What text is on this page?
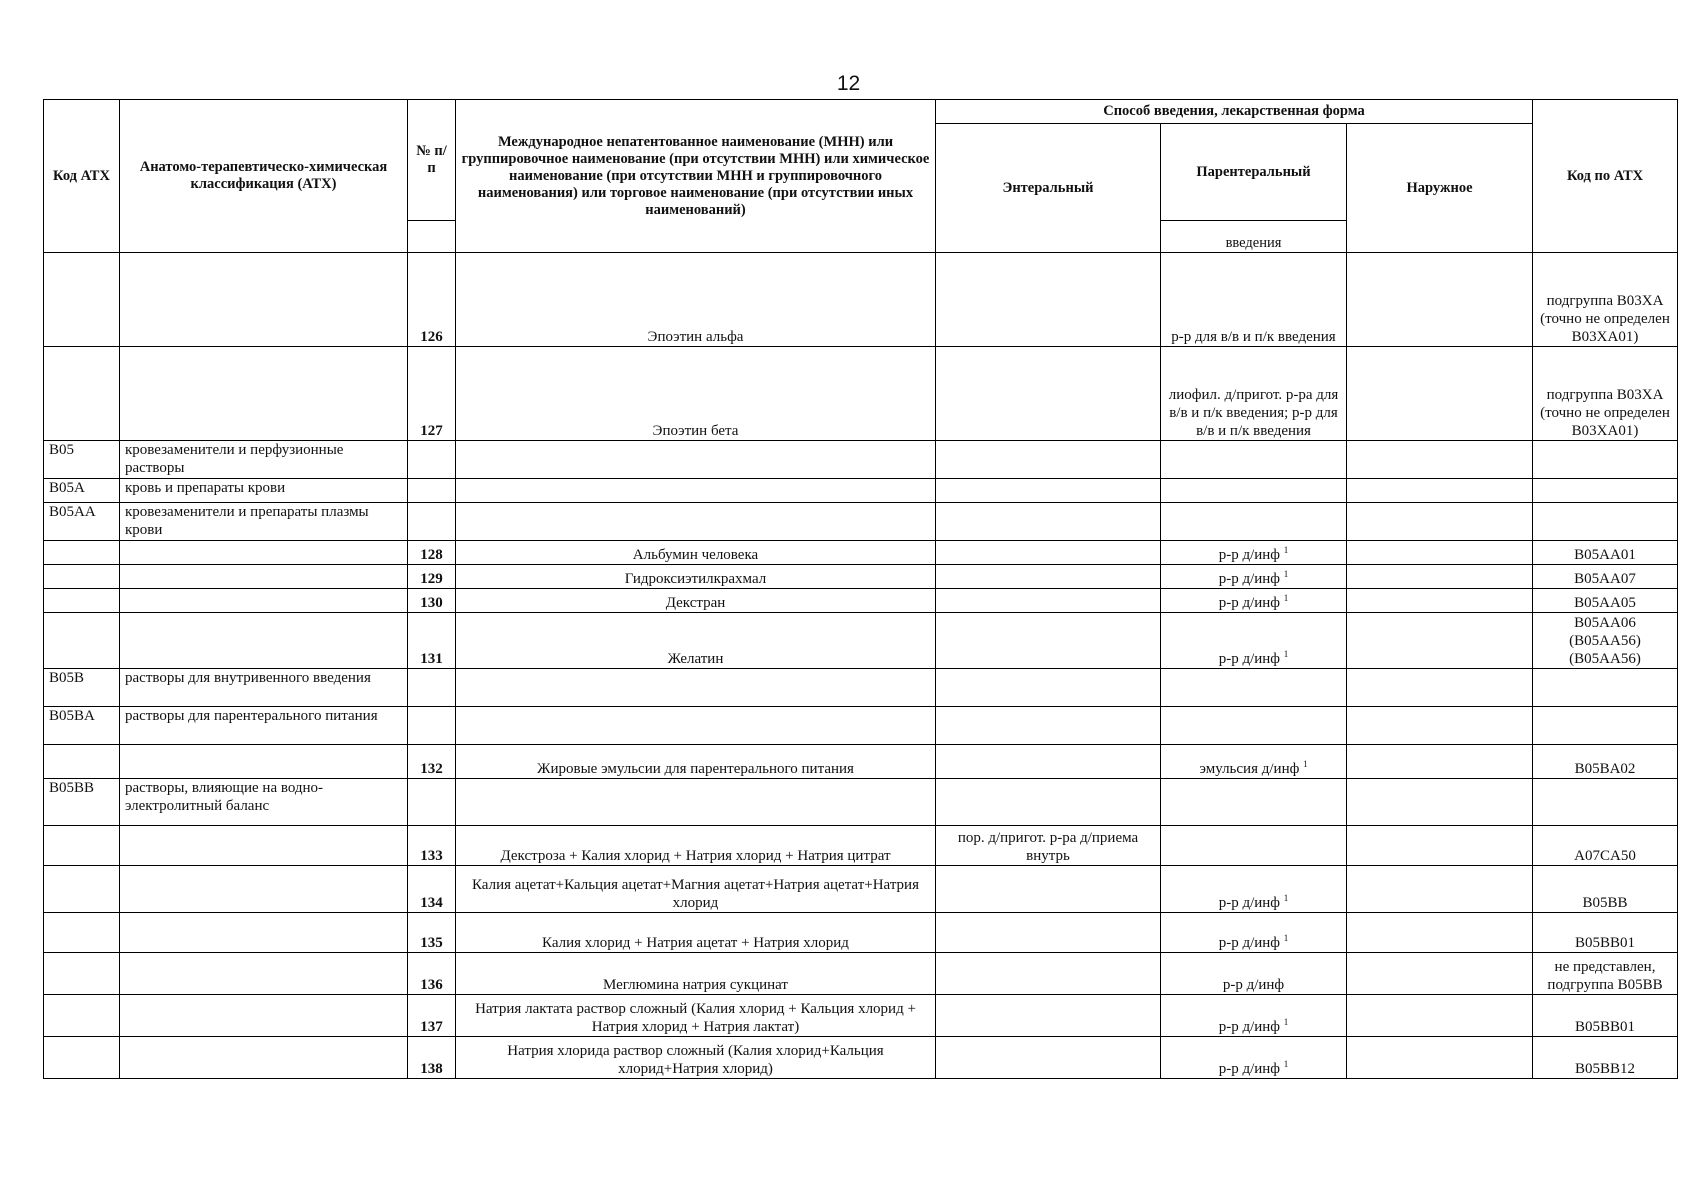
12
Код АТХ	Анатомо-терапевтическо-химическая классификация (АТХ)	№ п/п	Международное непатентованное наименование (МНН) или группировочное наименование (при отсутствии МНН) или химическое наименование (при отсутствии МНН и группировочного наименования) или торговое наименование (при отсутствии иных наименований)	Способ введения, лекарственная форма			Код по АТХ
				Энтеральный	Парентеральный	Наружное	
					введения		
		126	Эпоэтин альфа		р-р для в/в и п/к введения		подгруппа B03XA (точно не определен B03XA01)
		127	Эпоэтин бета		лиофил. д/пригот. р-ра для в/в и п/к введения; р-р для в/в и п/к введения		подгруппа B03XA (точно не определен B03XA01)
B05	кровезаменители и перфузионные растворы						
B05A	кровь и препараты крови						
B05AA	кровезаменители и препараты плазмы крови						
		128	Альбумин человека		р-р д/инф $^1$		B05AA01
		129	Гидроксиэтилкрахмал		р-р д/инф $^1$		B05AA07
		130	Декстран		р-р д/инф $^1$		B05AA05
		131	Желатин		р-р д/инф $^1$		B05AA06 (B05AA56) (B05AA56)
B05B	растворы для внутривенного введения						
B05BA	растворы для парентерального питания						
		132	Жировые эмульсии для парентерального питания		эмульсия д/инф $^1$		B05BA02
B05BB	растворы, влияющие на водно-электролитный баланс						
		133	Декстроза + Калия хлорид + Натрия хлорид + Натрия цитрат	пор. д/пригот. р-ра д/приема внутрь			A07CA50
		134	Калия ацетат+Кальция ацетат+Магния ацетат+Натрия ацетат+Натрия хлорид		р-р д/инф $^1$		B05BB
		135	Калия хлорид + Натрия ацетат + Натрия хлорид		р-р д/инф $^1$		B05BB01
		136	Меглюмина натрия сукцинат		р-р д/инф		не представлен, подгруппа B05BB
		137	Натрия лактата раствор сложный (Калия хлорид + Кальция хлорид + Натрия хлорид + Натрия лактат)		р-р д/инф $^1$		B05BB01
		138	Натрия хлорида раствор сложный (Калия хлорид+Кальция хлорид+Натрия хлорид)		р-р д/инф $^1$		B05BB12
